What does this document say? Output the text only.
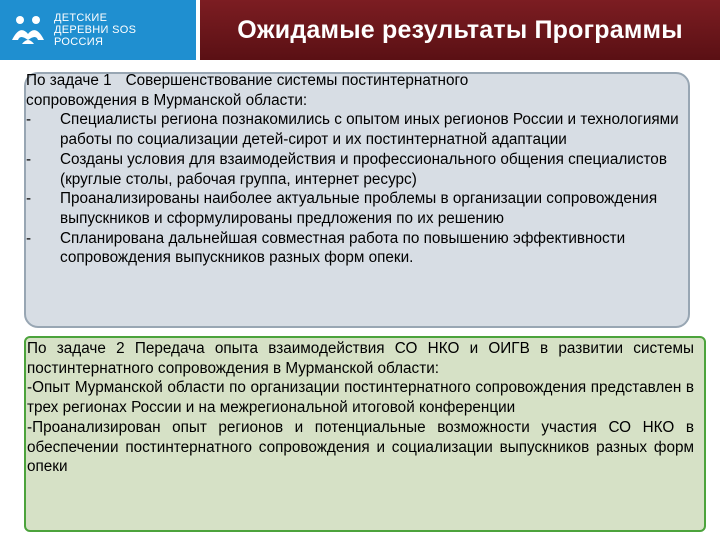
ДЕТСКИЕ
ДЕРЕВНИ SOS
РОССИЯ	Ожидамые результаты Программы
По задаче 1 Совершенствование системы постинтернатного
сопровождения в Мурманской области:
-	Специалисты региона познакомились с опытом иных регионов России и технологиями работы по социализации детей-сирот и их постинтернатной адаптации
-	Созданы условия для взаимодействия и профессионального общения специалистов (круглые столы, рабочая группа, интернет ресурс)
-	Проанализированы наиболее актуальные проблемы в организации сопровождения выпускников и сформулированы предложения по их решению
-	Спланирована дальнейшая совместная работа по повышению эффективности сопровождения выпускников разных форм опеки.

По задаче 2 Передача опыта взаимодействия СО НКО и ОИГВ в развитии системы постинтернатного сопровождения в Мурманской области:

-Опыт Мурманской области по организации постинтернатного сопровождения представлен в трех регионах России и на межрегиональной итоговой конференции

-Проанализирован опыт регионов и потенциальные возможности участия СО НКО в обеспечении постинтернатного сопровождения и социализации выпускников разных форм опеки
